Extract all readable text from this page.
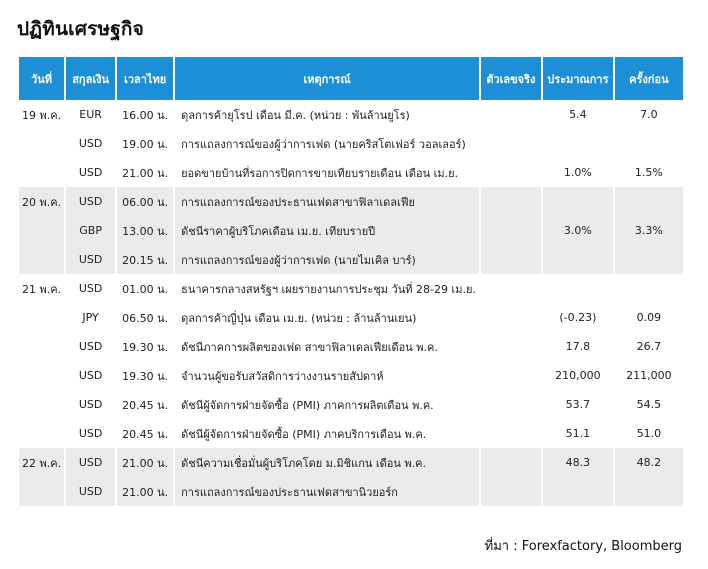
ปฏิทินเศรษฐกิจ
วันที่	สกุลเงิน	เวลาไทย	เหตุการณ์	ตัวเลขจริง	ประมาณการ	ครั้งก่อน
19 พ.ค.	EUR	16.00 น.	ดุลการค้ายุโรป เดือน มี.ค. (หน่วย : พันล้านยูโร)		5.4	7.0
	USD	19.00 น.	การแถลงการณ์ของผู้ว่าการเฟด (นายคริสโตเฟอร์ วอลเลอร์)			
	USD	21.00 น.	ยอดขายบ้านที่รอการปิดการขายเทียบรายเดือน เดือน เม.ย.		1.0%	1.5%
20 พ.ค.	USD	06.00 น.	การแถลงการณ์ของประธานเฟดสาขาฟิลาเดลเฟีย			
	GBP	13.00 น.	ดัชนีราคาผู้บริโภคเดือน เม.ย. เทียบรายปี		3.0%	3.3%
	USD	20.15 น.	การแถลงการณ์ของผู้ว่าการเฟด (นายไมเคิล บาร์)			
21 พ.ค.	USD	01.00 น.	ธนาคารกลางสหรัฐฯ เผยรายงานการประชุม วันที่ 28-29 เม.ย.			
	JPY	06.50 น.	ดุลการค้าญี่ปุ่น เดือน เม.ย. (หน่วย : ล้านล้านเยน)		(-0.23)	0.09
	USD	19.30 น.	ดัชนีภาคการผลิตของเฟด สาขาฟิลาเดลเฟียเดือน พ.ค.		17.8	26.7
	USD	19.30 น.	จำนวนผู้ขอรับสวัสดิการว่างงานรายสัปดาห์		210,000	211,000
	USD	20.45 น.	ดัชนีผู้จัดการฝ่ายจัดซื้อ (PMI) ภาคการผลิตเดือน พ.ค.		53.7	54.5
	USD	20.45 น.	ดัชนีผู้จัดการฝ่ายจัดซื้อ (PMI) ภาคบริการเดือน พ.ค.		51.1	51.0
22 พ.ค.	USD	21.00 น.	ดัชนีความเชื่อมั่นผู้บริโภคโดย ม.มิชิแกน เดือน พ.ค.		48.3	48.2
	USD	21.00 น.	การแถลงการณ์ของประธานเฟดสาขานิวยอร์ก			
ที่มา : Forexfactory, Bloomberg
